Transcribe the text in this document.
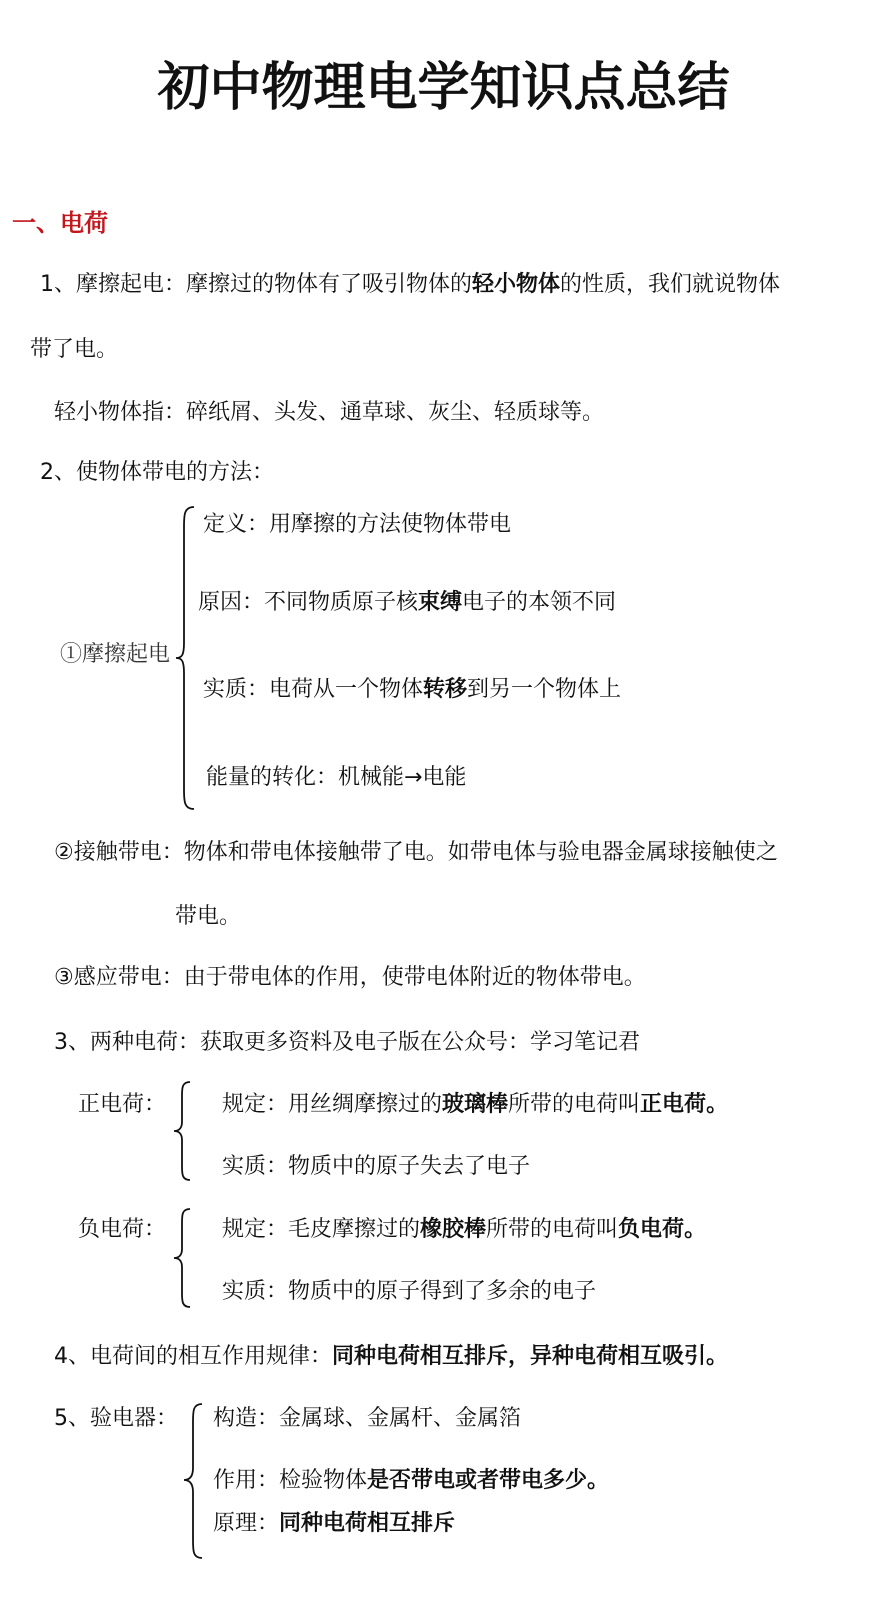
初中物理电学知识点总结
一、电荷
1、摩擦起电：摩擦过的物体有了吸引物体的轻小物体的性质，我们就说物体
带了电。
轻小物体指：碎纸屑、头发、通草球、灰尘、轻质球等。
2、使物体带电的方法：
①摩擦起电
定义：用摩擦的方法使物体带电
原因：不同物质原子核束缚电子的本领不同
实质：电荷从一个物体转移到另一个物体上
能量的转化：机械能→电能
②接触带电：物体和带电体接触带了电。如带电体与验电器金属球接触使之
带电。
③感应带电：由于带电体的作用，使带电体附近的物体带电。
3、两种电荷：获取更多资料及电子版在公众号：学习笔记君
正电荷：	规定：用丝绸摩擦过的玻璃棒所带的电荷叫正电荷。
实质：物质中的原子失去了电子
负电荷：	规定：毛皮摩擦过的橡胶棒所带的电荷叫负电荷。
实质：物质中的原子得到了多余的电子
4、电荷间的相互作用规律：同种电荷相互排斥，异种电荷相互吸引。
5、验电器： 构造：金属球、金属杆、金属箔
作用：检验物体是否带电或者带电多少。
原理：同种电荷相互排斥
